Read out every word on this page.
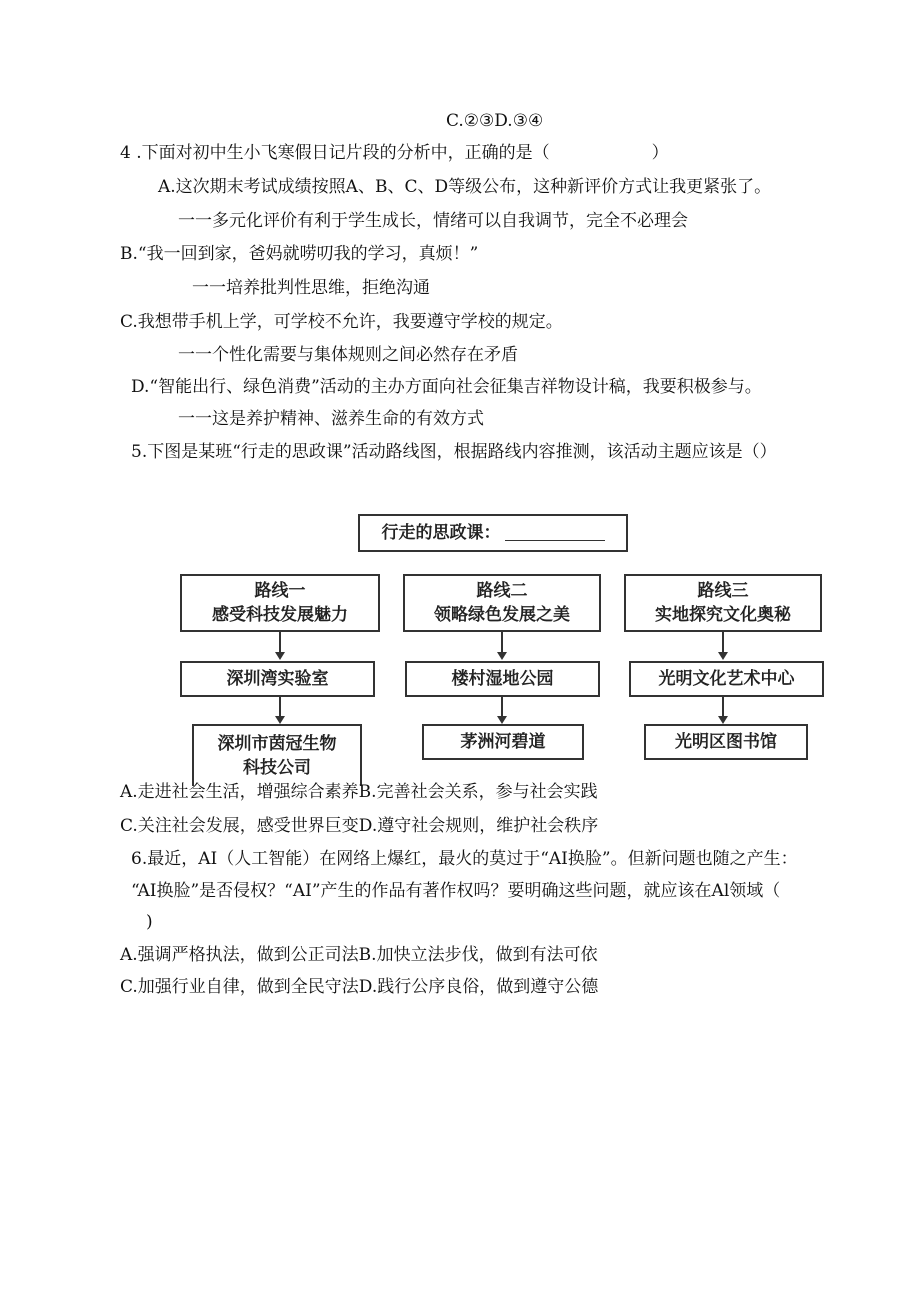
C.②③D.③④
4 .下面对初中生小飞寒假日记片段的分析中，正确的是（　　　　　　）
A.这次期末考试成绩按照A、B、C、D等级公布，这种新评价方式让我更紧张了。
一一多元化评价有利于学生成长，情绪可以自我调节，完全不必理会
B.“我一回到家，爸妈就唠叨我的学习，真烦！”
一一培养批判性思维，拒绝沟通
C.我想带手机上学，可学校不允许，我要遵守学校的规定。
一一个性化需要与集体规则之间必然存在矛盾
D.“智能出行、绿色消费”活动的主办方面向社会征集吉祥物设计稿，我要积极参与。
一一这是养护精神、滋养生命的有效方式
5.下图是某班“行走的思政课”活动路线图，根据路线内容推测，该活动主题应该是（）
行走的思政课：
路线一
感受科技发展魅力
路线二
领略绿色发展之美
路线三
实地探究文化奥秘
深圳湾实验室	楼村湿地公园	光明文化艺术中心
深圳市茵冠生物
科技公司
茅洲河碧道	光明区图书馆
A.走进社会生活，增强综合素养B.完善社会关系，参与社会实践
C.关注社会发展，感受世界巨变D.遵守社会规则，维护社会秩序
6.最近，AI（人工智能）在网络上爆红，最火的莫过于“AI换脸”。但新问题也随之产生：
“AI换脸”是否侵权？“AI”产生的作品有著作权吗？要明确这些问题，就应该在Al领域（
)
A.强调严格执法，做到公正司法B.加快立法步伐，做到有法可依
C.加强行业自律，做到全民守法D.践行公序良俗，做到遵守公德
